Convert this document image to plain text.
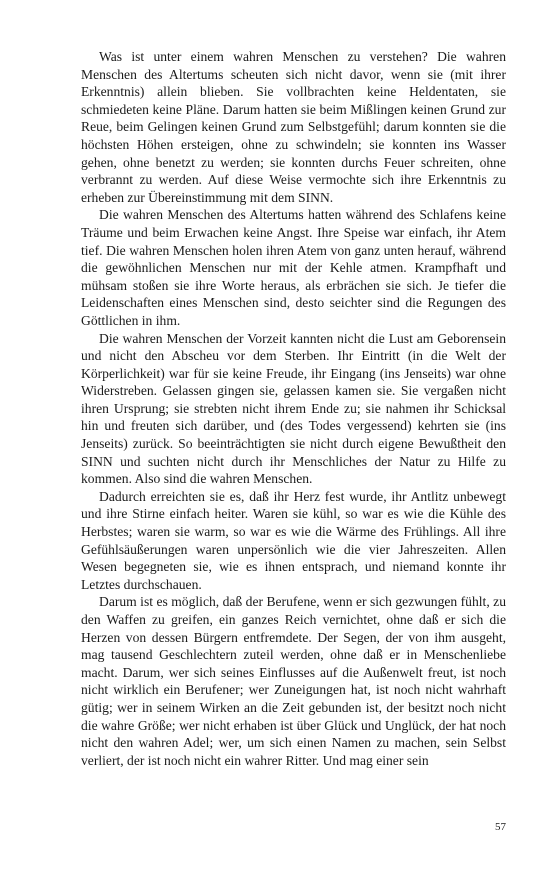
Was ist unter einem wahren Menschen zu verstehen? Die wahren Menschen des Altertums scheuten sich nicht davor, wenn sie (mit ihrer Erkenntnis) allein blieben. Sie vollbrachten keine Heldentaten, sie schmiedeten keine Pläne. Darum hatten sie beim Mißlingen keinen Grund zur Reue, beim Gelingen keinen Grund zum Selbstgefühl; darum konnten sie die höchsten Höhen ersteigen, ohne zu schwindeln; sie konnten ins Wasser gehen, ohne benetzt zu werden; sie konnten durchs Feuer schreiten, ohne verbrannt zu werden. Auf diese Weise vermochte sich ihre Erkenntnis zu erheben zur Übereinstimmung mit dem SINN.

Die wahren Menschen des Altertums hatten während des Schlafens keine Träume und beim Erwachen keine Angst. Ihre Speise war einfach, ihr Atem tief. Die wahren Menschen holen ihren Atem von ganz unten herauf, während die gewöhnlichen Menschen nur mit der Kehle atmen. Krampfhaft und mühsam stoßen sie ihre Worte heraus, als erbrächen sie sich. Je tiefer die Leidenschaften eines Menschen sind, desto seichter sind die Regungen des Göttlichen in ihm.

Die wahren Menschen der Vorzeit kannten nicht die Lust am Geborensein und nicht den Abscheu vor dem Sterben. Ihr Eintritt (in die Welt der Körperlichkeit) war für sie keine Freude, ihr Eingang (ins Jenseits) war ohne Widerstreben. Gelassen gingen sie, gelassen kamen sie. Sie vergaßen nicht ihren Ursprung; sie strebten nicht ihrem Ende zu; sie nahmen ihr Schicksal hin und freuten sich darüber, und (des Todes vergessend) kehrten sie (ins Jenseits) zurück. So beeinträchtigten sie nicht durch eigene Bewußtheit den SINN und suchten nicht durch ihr Menschliches der Natur zu Hilfe zu kommen. Also sind die wahren Menschen.

Dadurch erreichten sie es, daß ihr Herz fest wurde, ihr Antlitz unbewegt und ihre Stirne einfach heiter. Waren sie kühl, so war es wie die Kühle des Herbstes; waren sie warm, so war es wie die Wärme des Frühlings. All ihre Gefühlsäußerungen waren unpersönlich wie die vier Jahreszeiten. Allen Wesen begegneten sie, wie es ihnen entsprach, und niemand konnte ihr Letztes durchschauen.

Darum ist es möglich, daß der Berufene, wenn er sich gezwungen fühlt, zu den Waffen zu greifen, ein ganzes Reich vernichtet, ohne daß er sich die Herzen von dessen Bürgern entfremdete. Der Segen, der von ihm ausgeht, mag tausend Geschlechtern zuteil werden, ohne daß er in Menschenliebe macht. Darum, wer sich seines Einflusses auf die Außenwelt freut, ist noch nicht wirklich ein Berufener; wer Zuneigungen hat, ist noch nicht wahrhaft gütig; wer in seinem Wirken an die Zeit gebunden ist, der besitzt noch nicht die wahre Größe; wer nicht erhaben ist über Glück und Unglück, der hat noch nicht den wahren Adel; wer, um sich einen Namen zu machen, sein Selbst verliert, der ist noch nicht ein wahrer Ritter. Und mag einer sein

57
